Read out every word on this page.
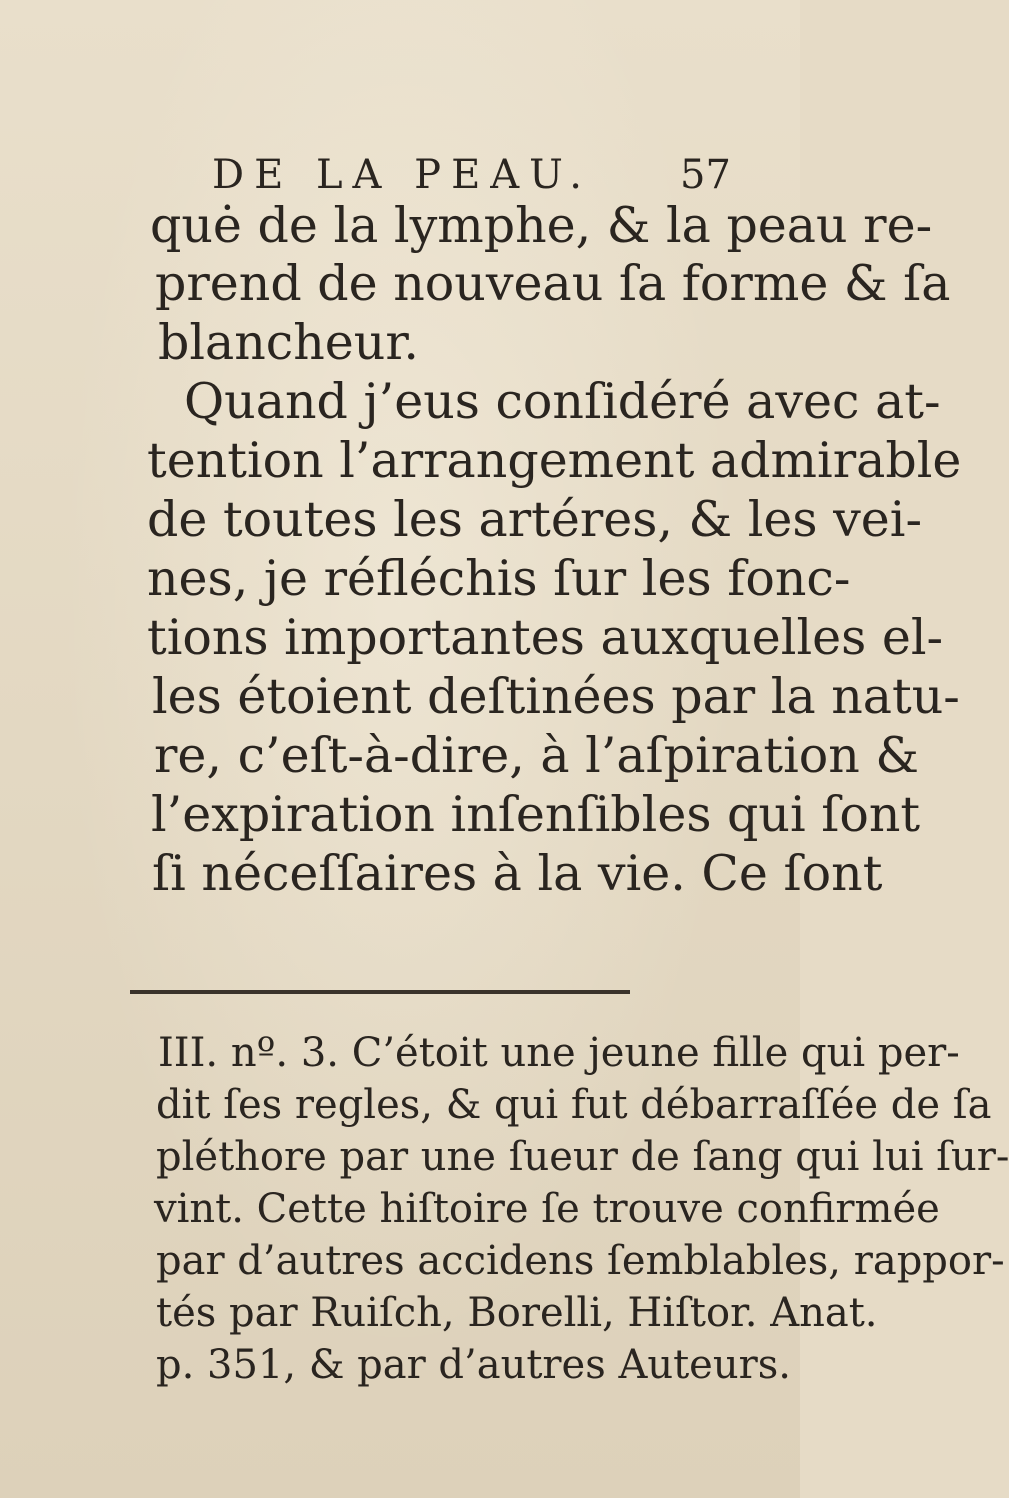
DE LA PEAU. 57
quė de la lymphe, & la peau re-
prend de nouveau ſa forme & ſa
blancheur.
Quand j’eus conſidéré avec at-
tention l’arrangement admirable
de toutes les artéres, & les vei-
nes, je réfléchis ſur les fonc-
tions importantes auxquelles el-
les étoient deſtinées par la natu-
re, c’eſt-à-dire, à l’aſpiration &
l’expiration inſenſibles qui ſont
ſi néceſſaires à la vie. Ce ſont
III. nº. 3. C’étoit une jeune fille qui per-
dit ſes regles, & qui fut débarraſſée de ſa
pléthore par une ſueur de ſang qui lui ſur-
vint. Cette hiſtoire ſe trouve confirmée
par d’autres accidens ſemblables, rappor-
tés par Ruiſch, Borelli, Hiſtor. Anat.
p. 351, & par d’autres Auteurs.
